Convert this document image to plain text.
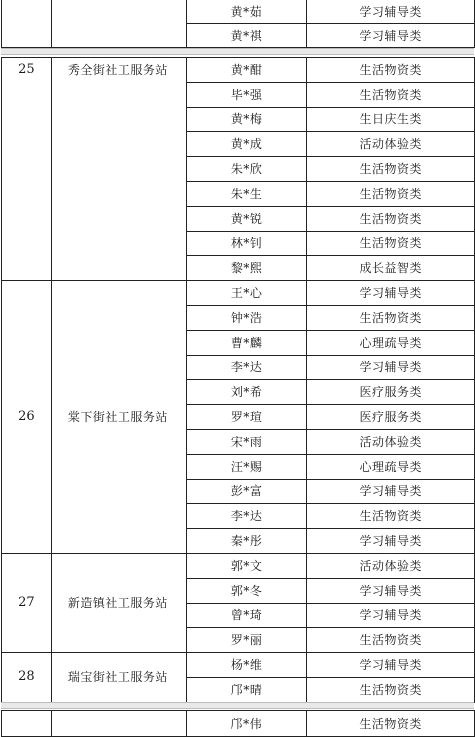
		黄*茹	学习辅导类
		黄*祺	学习辅导类
25	秀全街社工服务站	黄*酣	生活物资类
		毕*强	生活物资类
		黄*梅	生日庆生类
		黄*成	活动体验类
		朱*欣	生活物资类
		朱*生	生活物资类
		黄*锐	生活物资类
		林*钊	生活物资类
		黎*熙	成长益智类
26	棠下街社工服务站	王*心	学习辅导类
		钟*浩	生活物资类
		曹*麟	心理疏导类
		李*达	学习辅导类
		刘*希	医疗服务类
		罗*瑄	医疗服务类
		宋*雨	活动体验类
		汪*赐	心理疏导类
		彭*富	学习辅导类
		李*达	生活物资类
		秦*彤	学习辅导类
27	新造镇社工服务站	郭*文	活动体验类
		郭*冬	学习辅导类
		曾*琦	学习辅导类
		罗*丽	生活物资类
28	瑞宝街社工服务站	杨*维	学习辅导类
		邝*晴	生活物资类
		邝*伟	生活物资类
